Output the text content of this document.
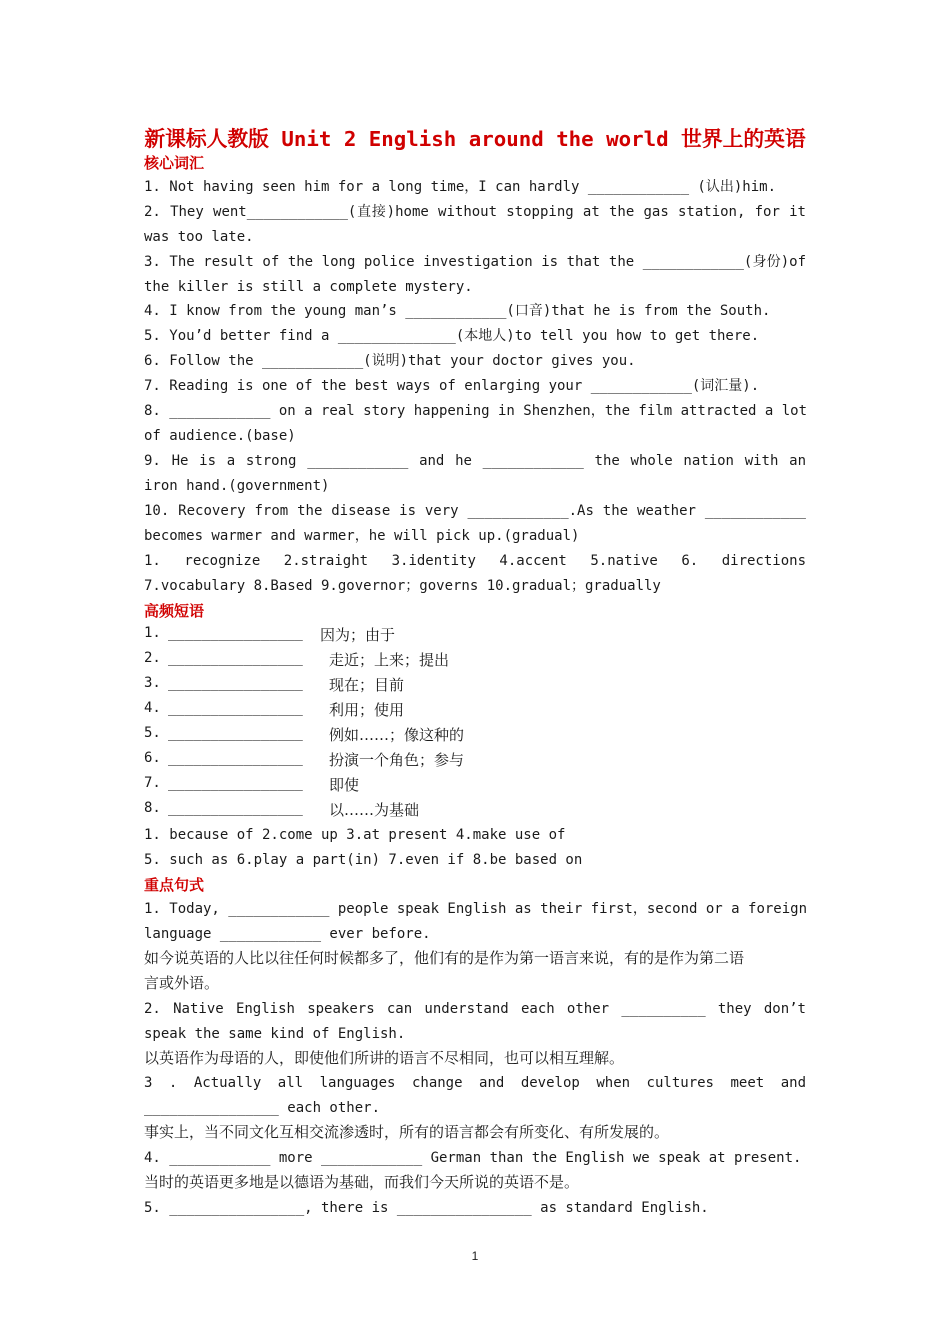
新课标人教版 Unit 2 English around the world 世界上的英语
核心词汇
1. Not having seen him for a long time，I can hardly ____________ (认出)him.
2. They went____________(直接)home without stopping at the gas station, for it
was too late.
3. The result of the long police investigation is that the ____________(身份)of
the killer is still a complete mystery.
4. I know from the young man’s ____________(口音)that he is from the South.
5. You’d better find a ______________(本地人)to tell you how to get there.
6. Follow the ____________(说明)that your doctor gives you.
7. Reading is one of the best ways of enlarging your ____________(词汇量).
8. ____________ on a real story happening in Shenzhen，the film attracted a lot
of audience.(base)
9. He is a strong ____________ and he ____________ the whole nation with an
iron hand.(government)
10. Recovery from the disease is very ____________.As the weather ____________
becomes warmer and warmer，he will pick up.(gradual)
1. recognize 2.straight 3.identity 4.accent 5.native 6. directions
7.vocabulary 8.Based 9.governor；governs 10.gradual；gradually
高频短语
1. ________________ 因为；由于
2. ________________ 走近；上来；提出
3. ________________ 现在；目前
4. ________________ 利用；使用
5. ________________ 例如……；像这种的
6. ________________ 扮演一个角色；参与
7. ________________ 即使
8. ________________ 以……为基础
1. because of 2.come up 3.at present 4.make use of
5. such as 6.play a part(in) 7.even if 8.be based on
重点句式
1. Today, ____________ people speak English as their first，second or a foreign
language ____________ ever before.
如今说英语的人比以往任何时候都多了，他们有的是作为第一语言来说，有的是作为第二语
言或外语。
2. Native English speakers can understand each other __________ they don’t
speak the same kind of English.
以英语作为母语的人，即使他们所讲的语言不尽相同，也可以相互理解。
3 . Actually all languages change and develop when cultures meet and
________________ each other.
事实上，当不同文化互相交流渗透时，所有的语言都会有所变化、有所发展的。
4. ____________ more ____________ German than the English we speak at present.
当时的英语更多地是以德语为基础，而我们今天所说的英语不是。
5. ________________, there is ________________ as standard English.
1
